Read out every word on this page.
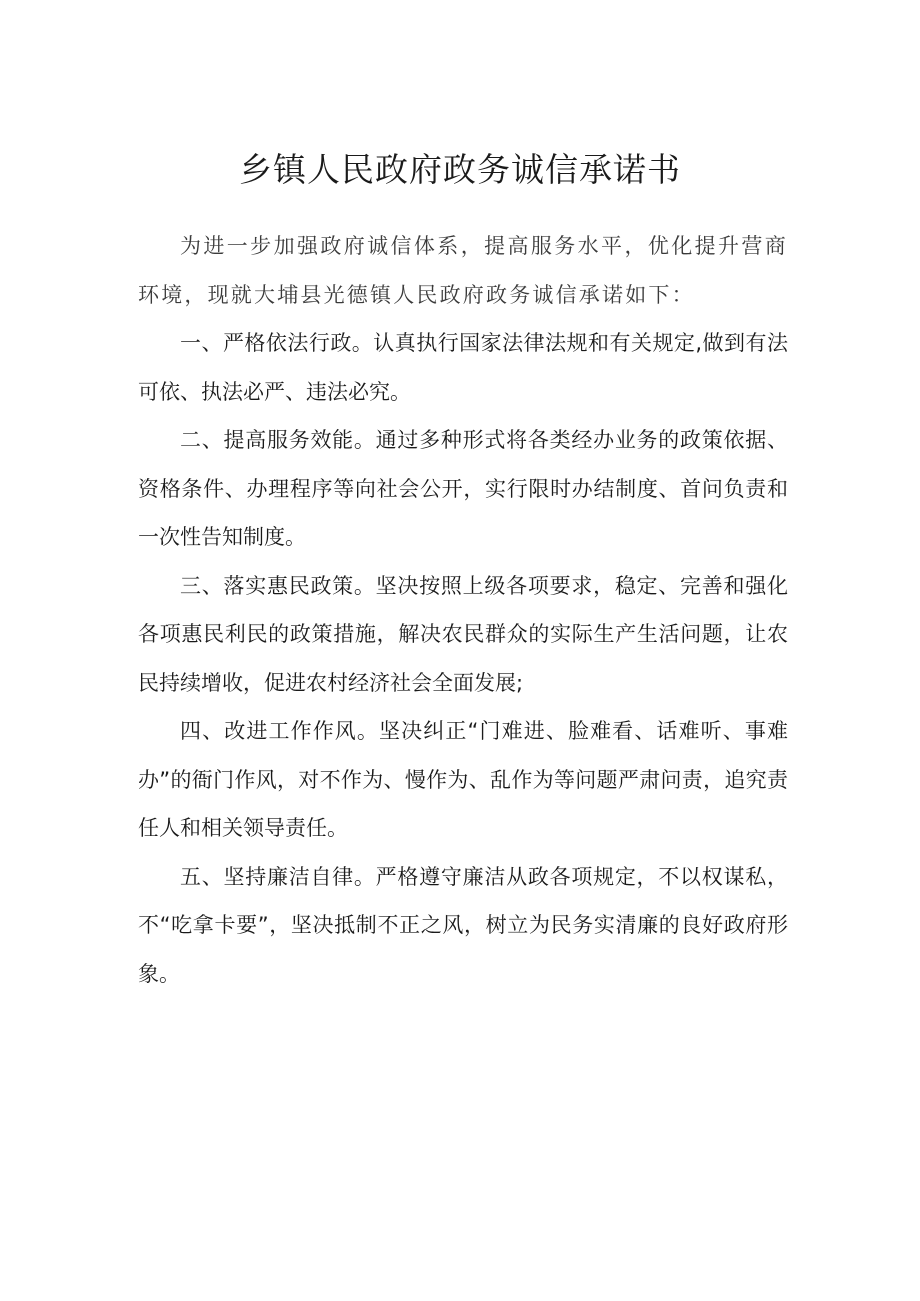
乡镇人民政府政务诚信承诺书

为进一步加强政府诚信体系，提高服务水平，优化提升营商环境，现就大埔县光德镇人民政府政务诚信承诺如下：

一、严格依法行政。认真执行国家法律法规和有关规定,做到有法可依、执法必严、违法必究。

二、提高服务效能。通过多种形式将各类经办业务的政策依据、资格条件、办理程序等向社会公开，实行限时办结制度、首问负责和一次性告知制度。

三、落实惠民政策。坚决按照上级各项要求，稳定、完善和强化各项惠民利民的政策措施，解决农民群众的实际生产生活问题，让农民持续增收，促进农村经济社会全面发展;

四、改进工作作风。坚决纠正“门难进、脸难看、话难听、事难办”的衙门作风，对不作为、慢作为、乱作为等问题严肃问责，追究责任人和相关领导责任。

五、坚持廉洁自律。严格遵守廉洁从政各项规定，不以权谋私，不“吃拿卡要”，坚决抵制不正之风，树立为民务实清廉的良好政府形象。
